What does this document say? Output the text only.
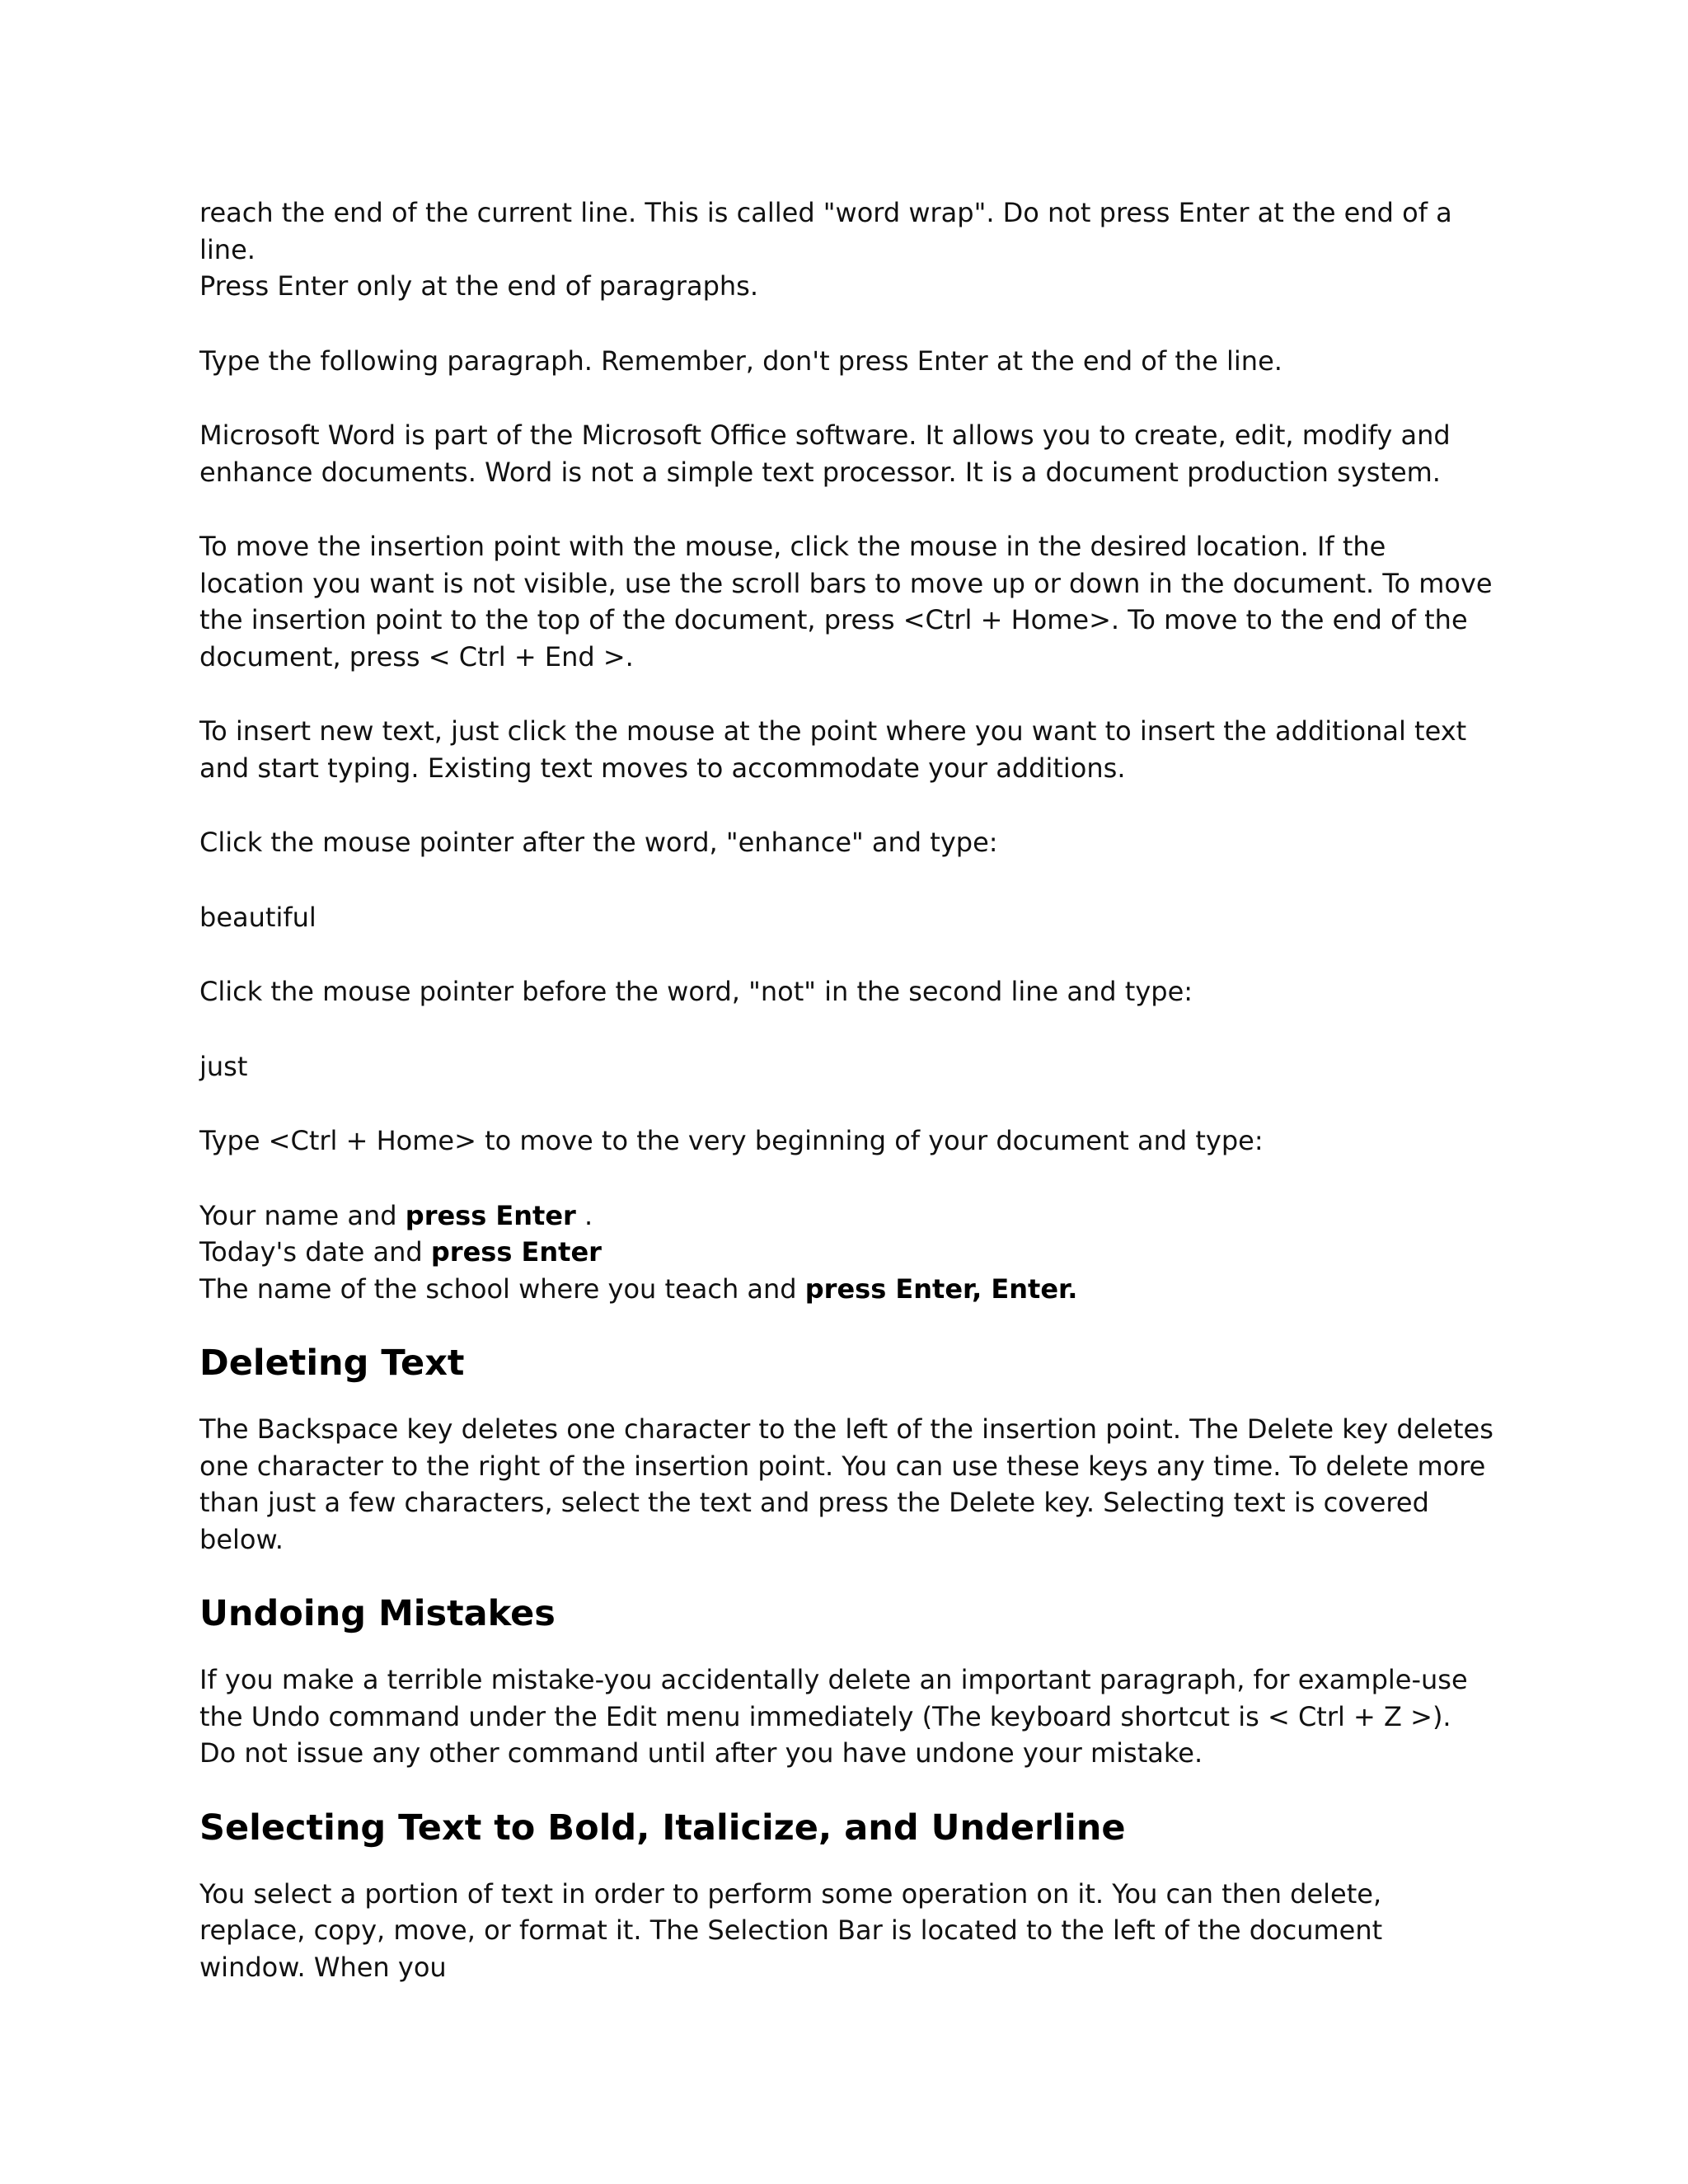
reach the end of the current line. This is called "word wrap". Do not press Enter at the end of a line.
Press Enter only at the end of paragraphs.

Type the following paragraph. Remember, don't press Enter at the end of the line.

Microsoft Word is part of the Microsoft Office software. It allows you to create, edit, modify and enhance documents. Word is not a simple text processor. It is a document production system.

To move the insertion point with the mouse, click the mouse in the desired location. If the location you want is not visible, use the scroll bars to move up or down in the document. To move the insertion point to the top of the document, press <Ctrl + Home>. To move to the end of the document, press < Ctrl + End >.

To insert new text, just click the mouse at the point where you want to insert the additional text and start typing. Existing text moves to accommodate your additions.

Click the mouse pointer after the word, "enhance" and type:

beautiful

Click the mouse pointer before the word, "not" in the second line and type:

just

Type <Ctrl + Home> to move to the very beginning of your document and type:

Your name and press Enter .
Today's date and press Enter
The name of the school where you teach and press Enter, Enter.

Deleting Text

The Backspace key deletes one character to the left of the insertion point. The Delete key deletes one character to the right of the insertion point. You can use these keys any time. To delete more than just a few characters, select the text and press the Delete key. Selecting text is covered below.

Undoing Mistakes

If you make a terrible mistake-you accidentally delete an important paragraph, for example-use the Undo command under the Edit menu immediately (The keyboard shortcut is < Ctrl + Z >). Do not issue any other command until after you have undone your mistake.

Selecting Text to Bold, Italicize, and Underline

You select a portion of text in order to perform some operation on it. You can then delete, replace, copy, move, or format it. The Selection Bar is located to the left of the document window. When you
